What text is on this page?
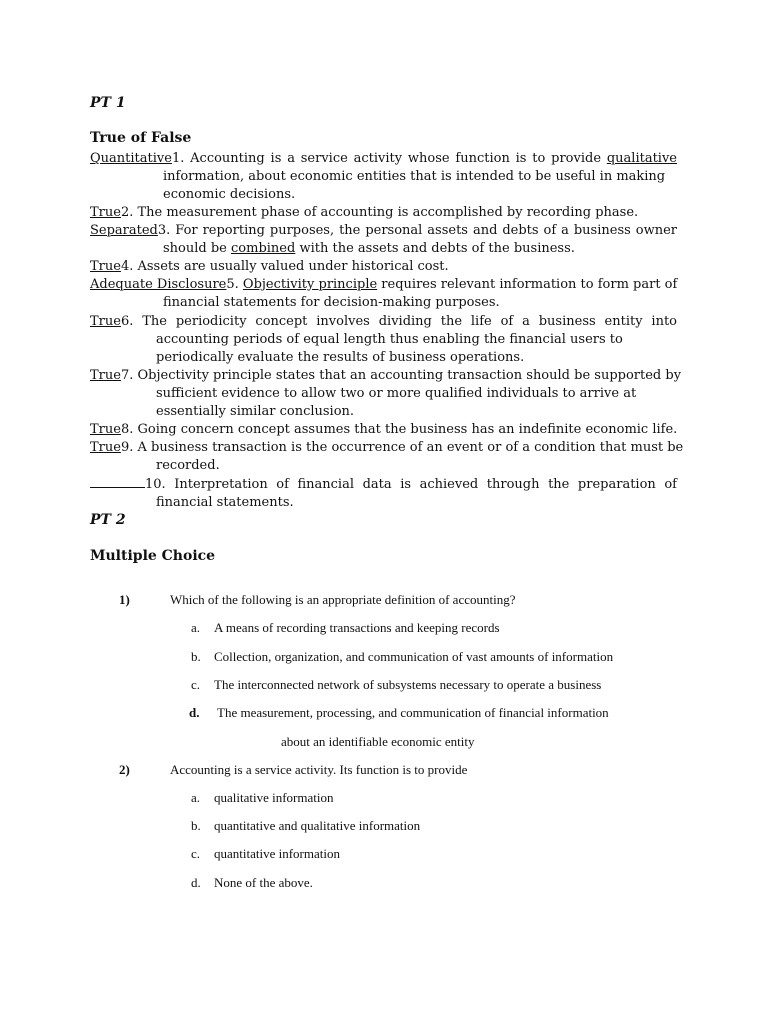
PT 1
True of False
Quantitative1. Accounting is a service activity whose function is to provide qualitative
information, about economic entities that is intended to be useful in making
economic decisions.
True2. The measurement phase of accounting is accomplished by recording phase.
Separated3. For reporting purposes, the personal assets and debts of a business owner
should be combined with the assets and debts of the business.
True4. Assets are usually valued under historical cost.
Adequate Disclosure5. Objectivity principle requires relevant information to form part of
financial statements for decision-making purposes.
True6. The periodicity concept involves dividing the life of a business entity into
accounting periods of equal length thus enabling the financial users to
periodically evaluate the results of business operations.
True7. Objectivity principle states that an accounting transaction should be supported by
sufficient evidence to allow two or more qualified individuals to arrive at
essentially similar conclusion.
True8. Going concern concept assumes that the business has an indefinite economic life.
True9. A business transaction is the occurrence of an event or of a condition that must be
recorded.
10. Interpretation of financial data is achieved through the preparation of
financial statements.
PT 2
Multiple Choice
1)	Which of the following is an appropriate definition of accounting?
a. A means of recording transactions and keeping records
b. Collection, organization, and communication of vast amounts of information
c. The interconnected network of subsystems necessary to operate a business
d. The measurement, processing, and communication of financial information
about an identifiable economic entity
2)	Accounting is a service activity. Its function is to provide
a. qualitative information
b. quantitative and qualitative information
c. quantitative information
d. None of the above.
